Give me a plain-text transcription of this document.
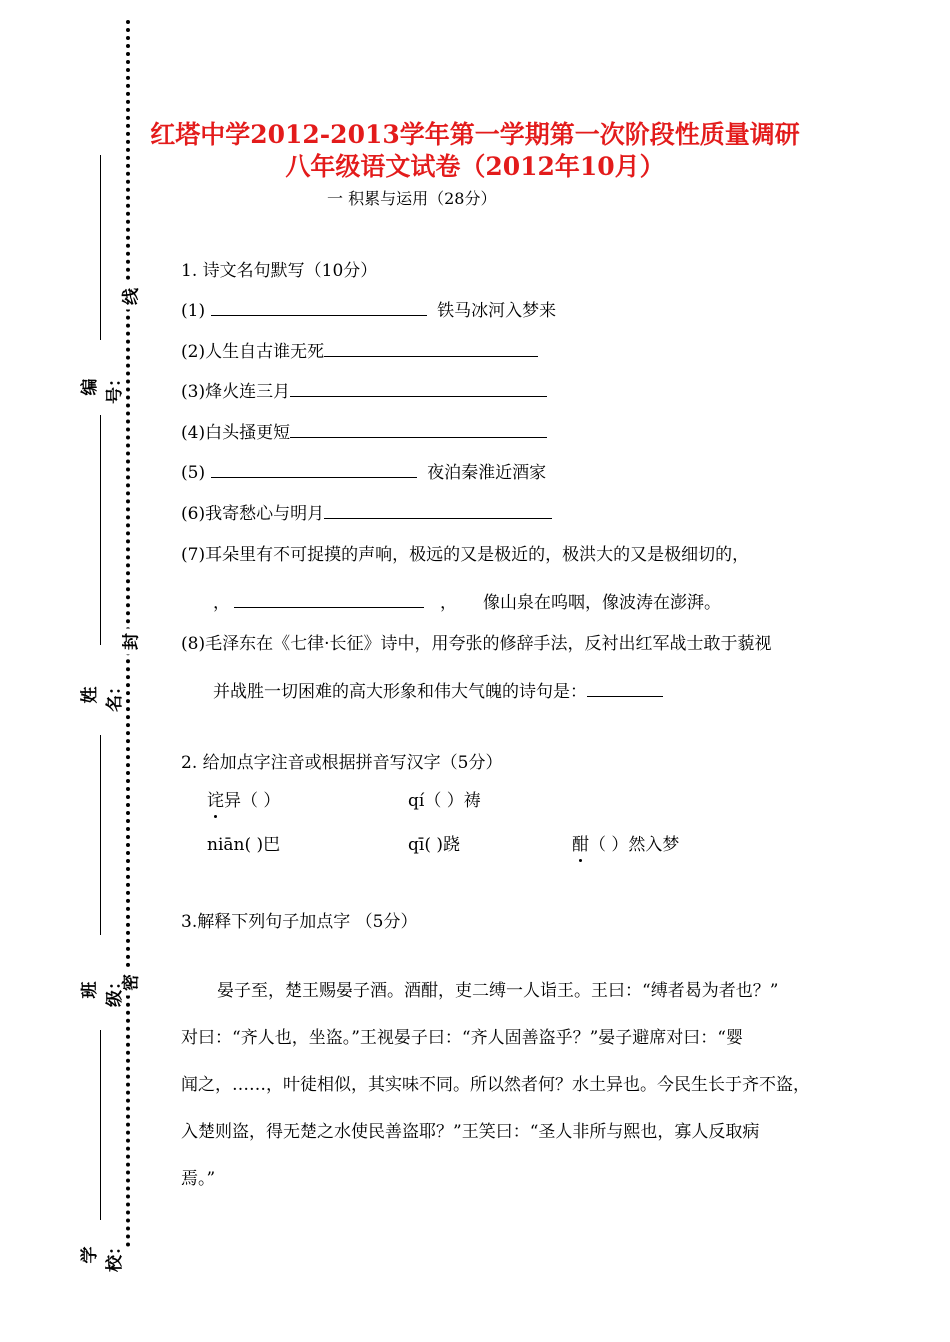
线
封
密
编号：
姓名：
班级：
学校：
红塔中学2012-2013学年第一学期第一次阶段性质量调研
八年级语文试卷（2012年10月）
一 积累与运用（28分）
1. 诗文名句默写（10分）
(1)	铁马冰河入梦来
(2)人生自古谁无死
(3)烽火连三月
(4)白头搔更短
(5)	夜泊秦淮近酒家
(6)我寄愁心与明月
(7)耳朵里有不可捉摸的声响，极远的又是极近的，极洪大的又是极细切的，
，	， 像山泉在呜咽，像波涛在澎湃。
(8)毛泽东在《七律·长征》诗中，用夸张的修辞手法，反衬出红军战士敢于藐视
并战胜一切困难的高大形象和伟大气魄的诗句是：
2. 给加点字注音或根据拼音写汉字（5分）
诧异（ ）	qí（ ）祷
niān( )巴	qī( )跷	酣（ ）然入梦
3.解释下列句子加点字 （5分）
晏子至，楚王赐晏子酒。酒酣，吏二缚一人诣王。王曰：“缚者曷为者也？”
对曰：“齐人也，坐盗。”王视晏子曰：“齐人固善盗乎？”晏子避席对曰：“婴
闻之，……，叶徒相似，其实味不同。所以然者何？水土异也。今民生长于齐不盗，
入楚则盗，得无楚之水使民善盗耶？”王笑曰：“圣人非所与熙也，寡人反取病
焉。”
